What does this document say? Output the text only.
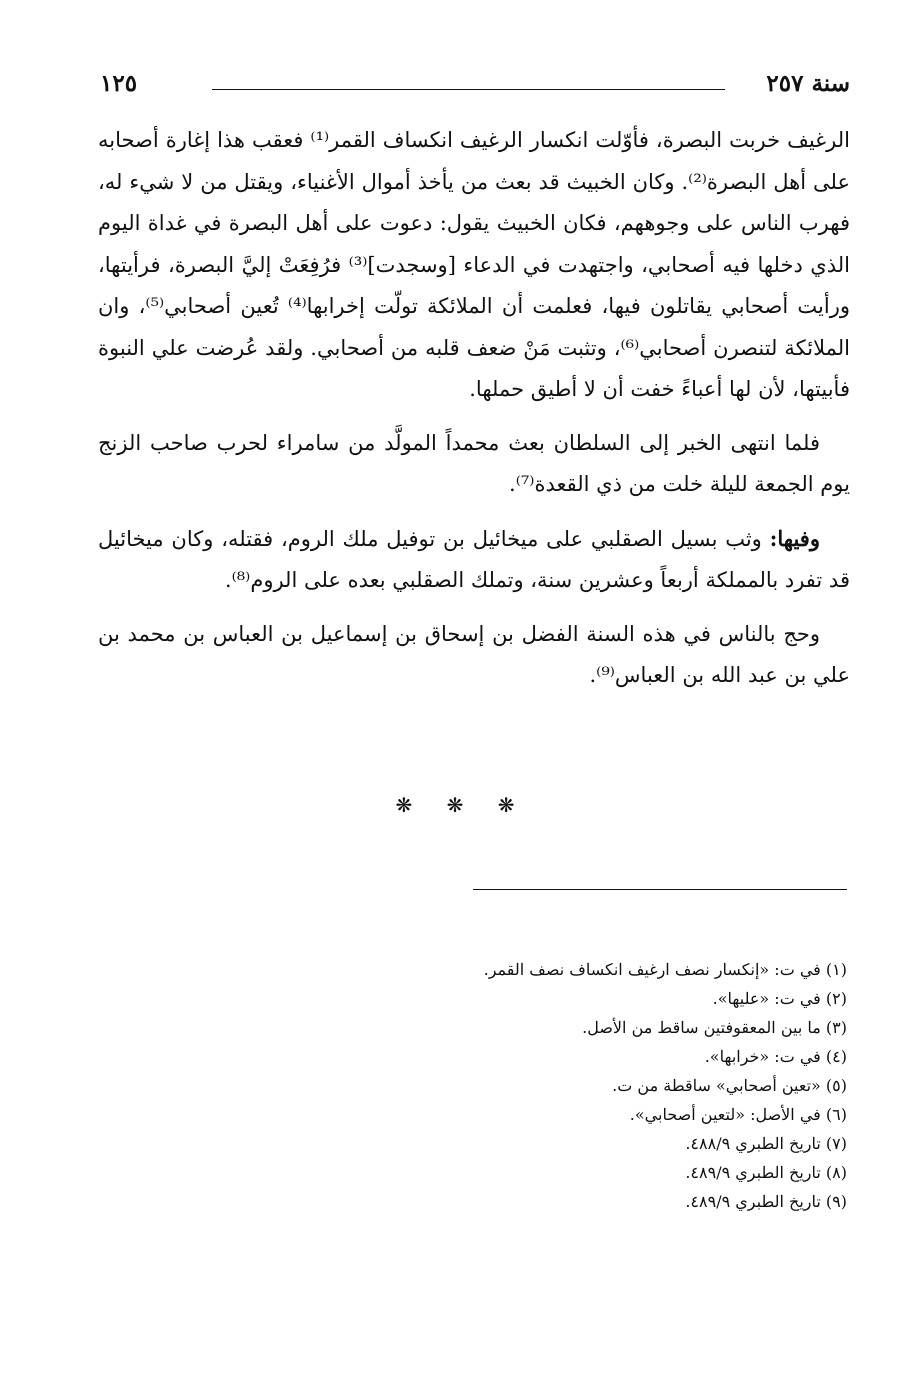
سنة ٢٥٧
١٢٥

الرغيف خربت البصرة، فأوّلت انكسار الرغيف انكساف القمر⁽¹⁾ فعقب هذا إغارة أصحابه على أهل البصرة⁽²⁾. وكان الخبيث قد بعث من يأخذ أموال الأغنياء، ويقتل من لا شيء له، فهرب الناس على وجوههم، فكان الخبيث يقول: دعوت على أهل البصرة في غداة اليوم الذي دخلها فيه أصحابي، واجتهدت في الدعاء [وسجدت]⁽³⁾ فرُفِعَتْ إليَّ البصرة، فرأيتها، ورأيت أصحابي يقاتلون فيها، فعلمت أن الملائكة تولّت إخرابها⁽⁴⁾ تُعين أصحابي⁽⁵⁾، وان الملائكة لتنصرن أصحابي⁽⁶⁾، وتثبت مَنْ ضعف قلبه من أصحابي. ولقد عُرضت علي النبوة فأبيتها، لأن لها أعباءً خفت أن لا أطيق حملها.

فلما انتهى الخبر إلى السلطان بعث محمداً المولَّد من سامراء لحرب صاحب الزنج يوم الجمعة لليلة خلت من ذي القعدة⁽⁷⁾.

وفيها: وثب بسيل الصقلبي على ميخائيل بن توفيل ملك الروم، فقتله، وكان ميخائيل قد تفرد بالمملكة أربعاً وعشرين سنة، وتملك الصقلبي بعده على الروم⁽⁸⁾.

وحج بالناس في هذه السنة الفضل بن إسحاق بن إسماعيل بن العباس بن محمد بن علي بن عبد الله بن العباس⁽⁹⁾.

❋ ❋ ❋
(١) في ت: «إنكسار نصف ارغيف انكساف نصف القمر.
(٢) في ت: «عليها».
(٣) ما بين المعقوفتين ساقط من الأصل.
(٤) في ت: «خرابها».
(٥) «تعين أصحابي» ساقطة من ت.
(٦) في الأصل: «لتعين أصحابي».
(٧) تاريخ الطبري ٤٨٨/٩.
(٨) تاريخ الطبري ٤٨٩/٩.
(٩) تاريخ الطبري ٤٨٩/٩.
